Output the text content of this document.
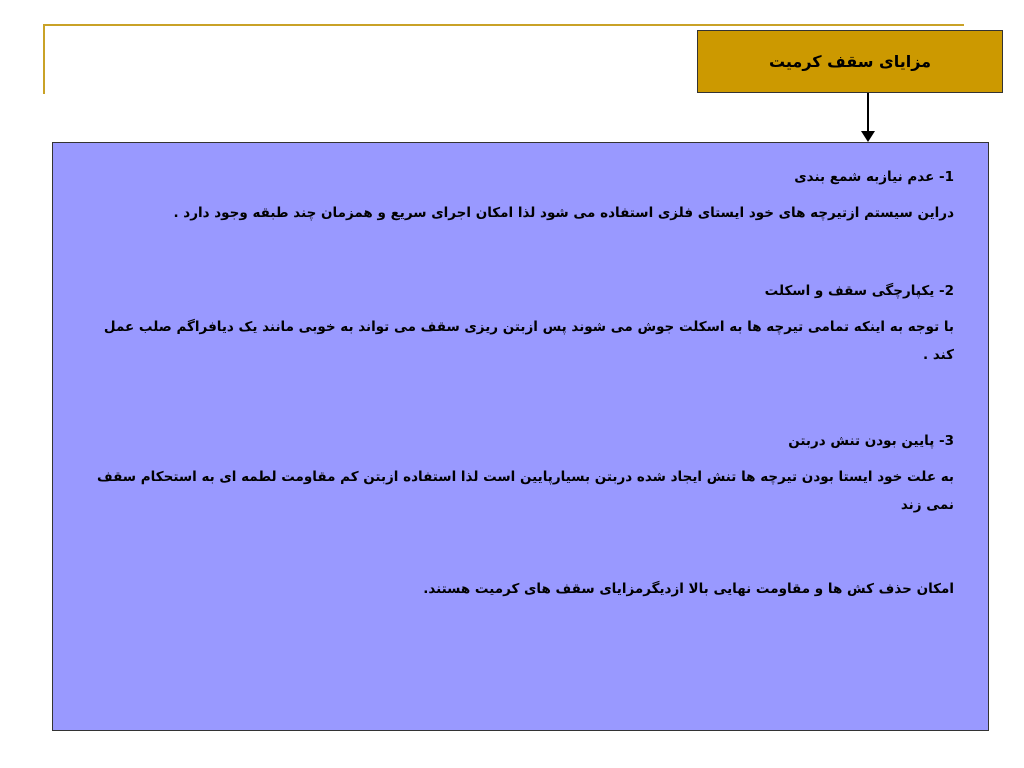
مزایای سقف کرمیت

1- عدم نیازبه شمع بندی

دراین سیستم ازتیرچه های خود ایستای فلزی استفاده می شود لذا امکان اجرای سریع و همزمان چند طبقه وجود دارد .

2- یکپارچگی سقف و اسکلت

با توجه به اینکه تمامی تیرچه ها به اسکلت جوش می شوند پس ازبتن ریزی سقف می تواند به خوبی مانند یک دیافراگم صلب عمل کند .

3- پایین بودن تنش دربتن

به علت خود ایستا بودن تیرچه ها تنش ایجاد شده دربتن بسیارپایین است لذا استفاده ازبتن کم مقاومت لطمه ای به استحکام سقف نمی زند

امکان حذف کش ها و مقاومت نهایی بالا ازدیگرمزایای سقف های کرمیت هستند.
